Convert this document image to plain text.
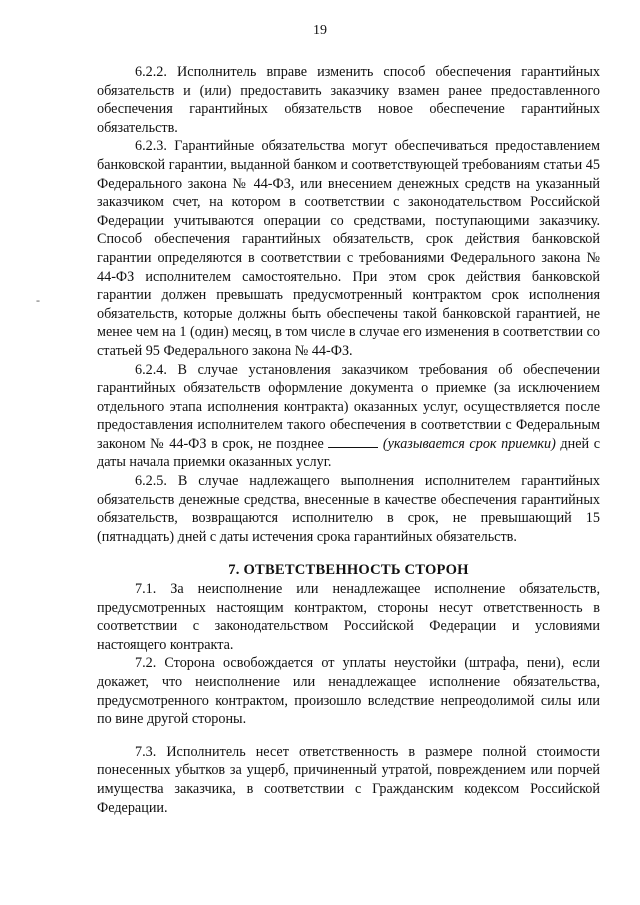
19
-

6.2.2. Исполнитель вправе изменить способ обеспечения гарантийных обязательств и (или) предоставить заказчику взамен ранее предоставленного обеспечения гарантийных обязательств новое обеспечение гарантийных обязательств.

6.2.3. Гарантийные обязательства могут обеспечиваться предоставлением банковской гарантии, выданной банком и соответствующей требованиям статьи 45 Федерального закона № 44-ФЗ, или внесением денежных средств на указанный заказчиком счет, на котором в соответствии с законодательством Российской Федерации учитываются операции со средствами, поступающими заказчику. Способ обеспечения гарантийных обязательств, срок действия банковской гарантии определяются в соответствии с требованиями Федерального закона № 44-ФЗ исполнителем самостоятельно. При этом срок действия банковской гарантии должен превышать предусмотренный контрактом срок исполнения обязательств, которые должны быть обеспечены такой банковской гарантией, не менее чем на 1 (один) месяц, в том числе в случае его изменения в соответствии со статьей 95 Федерального закона № 44-ФЗ.

6.2.4. В случае установления заказчиком требования об обеспечении гарантийных обязательств оформление документа о приемке (за исключением отдельного этапа исполнения контракта) оказанных услуг, осуществляется после предоставления исполнителем такого обеспечения в соответствии с Федеральным законом № 44-ФЗ в срок, не позднее	(указывается срок приемки) дней с даты начала приемки оказанных услуг.

6.2.5. В случае надлежащего выполнения исполнителем гарантийных обязательств денежные средства, внесенные в качестве обеспечения гарантийных обязательств, возвращаются исполнителю в срок, не превышающий 15 (пятнадцать) дней с даты истечения срока гарантийных обязательств.

7. ОТВЕТСТВЕННОСТЬ СТОРОН

7.1. За неисполнение или ненадлежащее исполнение обязательств, предусмотренных настоящим контрактом, стороны несут ответственность в соответствии с законодательством Российской Федерации и условиями настоящего контракта.

7.2. Сторона освобождается от уплаты неустойки (штрафа, пени), если докажет, что неисполнение или ненадлежащее исполнение обязательства, предусмотренного контрактом, произошло вследствие непреодолимой силы или по вине другой стороны.

7.3. Исполнитель несет ответственность в размере полной стоимости понесенных убытков за ущерб, причиненный утратой, повреждением или порчей имущества заказчика, в соответствии с Гражданским кодексом Российской Федерации.
